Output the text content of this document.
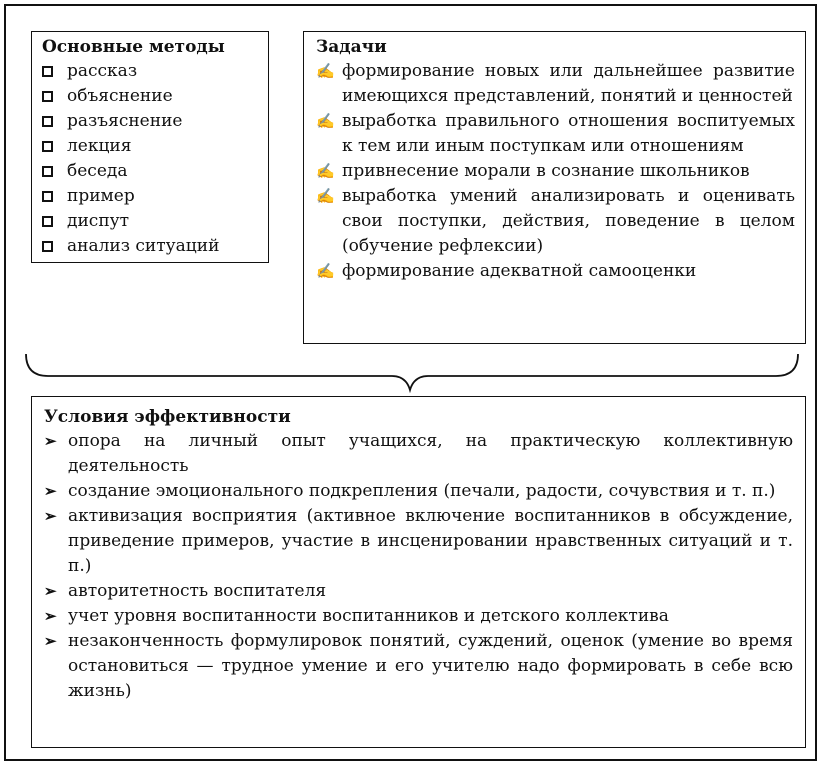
Основные методы
рассказ
объяснение
разъяснение
лекция
беседа
пример
диспут
анализ ситуаций
Задачи
✍ формирование новых или дальнейшее развитие имеющихся представлений, понятий и ценностей
✍ выработка правильного отношения воспитуемых к тем или иным поступкам или отношениям
✍ привнесение морали в сознание школьников
✍ выработка умений анализировать и оценивать свои поступки, действия, поведение в целом (обучение рефлексии)
✍ формирование адекватной самооценки
Условия эффективности
➢ опора на личный опыт учащихся, на практическую коллективную деятельность
➢ создание эмоционального подкрепления (печали, радости, сочувствия и т. п.)
➢ активизация восприятия (активное включение воспитанников в обсуждение, приведение примеров, участие в инсценировании нравственных ситуаций и т. п.)
➢ авторитетность воспитателя
➢ учет уровня воспитанности воспитанников и детского коллектива
➢ незаконченность формулировок понятий, суждений, оценок (умение во время остановиться — трудное умение и его учителю надо формировать в себе всю жизнь)
